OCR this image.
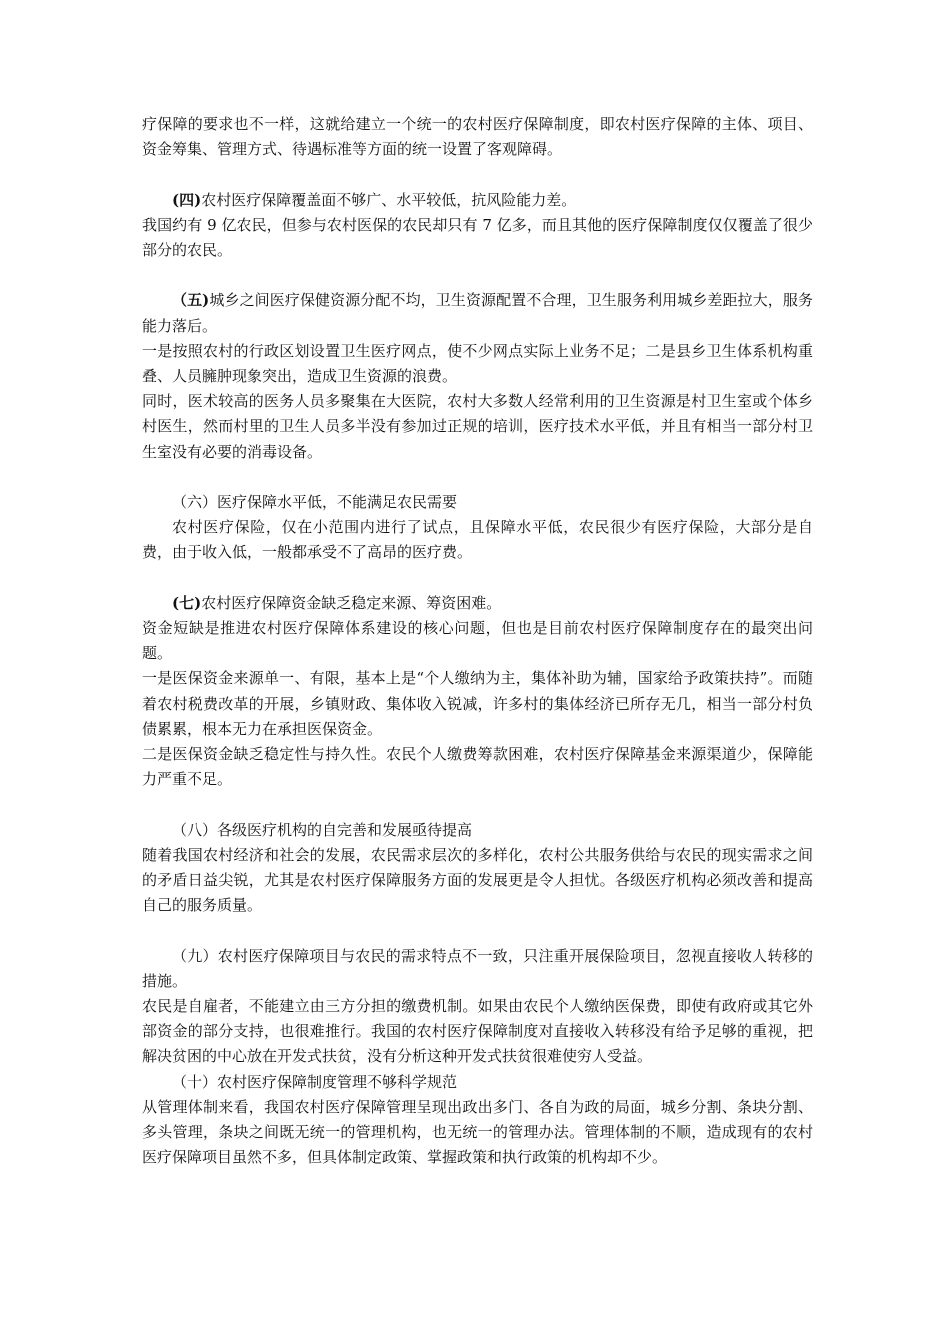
疗保障的要求也不一样，这就给建立一个统一的农村医疗保障制度，即农村医疗保障的主体、项目、资金筹集、管理方式、待遇标准等方面的统一设置了客观障碍。

(四)农村医疗保障覆盖面不够广、水平较低，抗风险能力差。

我国约有 9 亿农民，但参与农村医保的农民却只有 7 亿多，而且其他的医疗保障制度仅仅覆盖了很少部分的农民。

（五)城乡之间医疗保健资源分配不均，卫生资源配置不合理，卫生服务利用城乡差距拉大，服务能力落后。

一是按照农村的行政区划设置卫生医疗网点，使不少网点实际上业务不足；二是县乡卫生体系机构重叠、人员臃肿现象突出，造成卫生资源的浪费。

同时，医术较高的医务人员多聚集在大医院，农村大多数人经常利用的卫生资源是村卫生室或个体乡村医生，然而村里的卫生人员多半没有参加过正规的培训，医疗技术水平低，并且有相当一部分村卫生室没有必要的消毒设备。

（六）医疗保障水平低，不能满足农民需要

农村医疗保险，仅在小范围内进行了试点，且保障水平低，农民很少有医疗保险，大部分是自费，由于收入低，一般都承受不了高昂的医疗费。

(七)农村医疗保障资金缺乏稳定来源、筹资困难。

资金短缺是推进农村医疗保障体系建设的核心问题，但也是目前农村医疗保障制度存在的最突出问题。

一是医保资金来源单一、有限，基本上是“个人缴纳为主，集体补助为辅，国家给予政策扶持”。而随着农村税费改革的开展，乡镇财政、集体收入锐减，许多村的集体经济已所存无几，相当一部分村负债累累，根本无力在承担医保资金。

二是医保资金缺乏稳定性与持久性。农民个人缴费筹款困难，农村医疗保障基金来源渠道少，保障能力严重不足。

（八）各级医疗机构的自完善和发展亟待提高

随着我国农村经济和社会的发展，农民需求层次的多样化，农村公共服务供给与农民的现实需求之间的矛盾日益尖锐，尤其是农村医疗保障服务方面的发展更是令人担忧。各级医疗机构必须改善和提高自己的服务质量。

（九）农村医疗保障项目与农民的需求特点不一致，只注重开展保险项目，忽视直接收人转移的措施。

农民是自雇者，不能建立由三方分担的缴费机制。如果由农民个人缴纳医保费，即使有政府或其它外部资金的部分支持，也很难推行。我国的农村医疗保障制度对直接收入转移没有给予足够的重视，把解决贫困的中心放在开发式扶贫，没有分析这种开发式扶贫很难使穷人受益。

（十）农村医疗保障制度管理不够科学规范

从管理体制来看，我国农村医疗保障管理呈现出政出多门、各自为政的局面，城乡分割、条块分割、多头管理，条块之间既无统一的管理机构，也无统一的管理办法。管理体制的不顺，造成现有的农村医疗保障项目虽然不多，但具体制定政策、掌握政策和执行政策的机构却不少。
